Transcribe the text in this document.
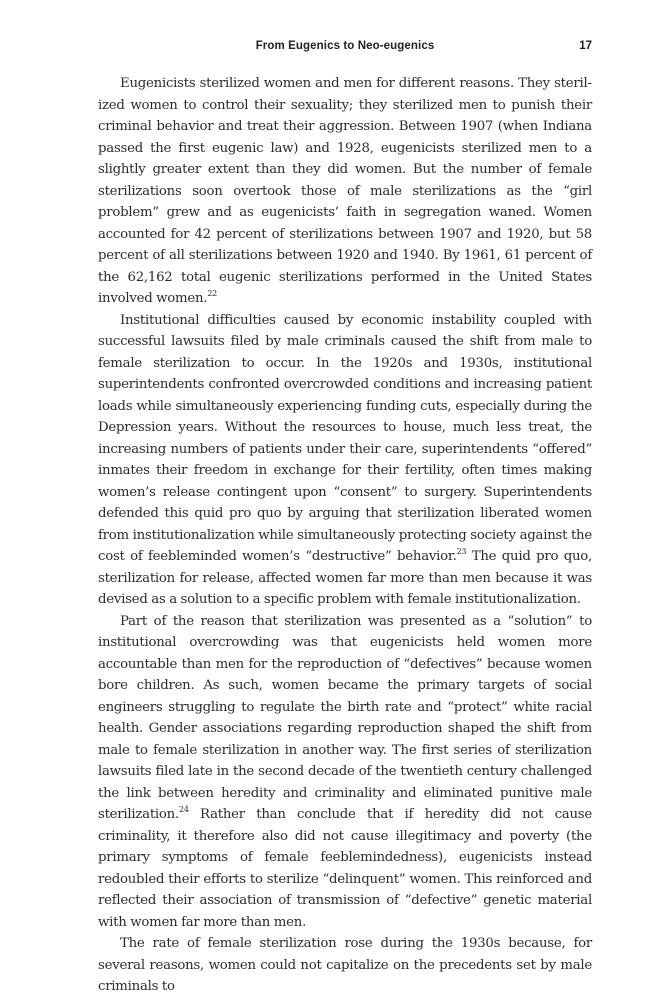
From Eugenics to Neo-eugenics	17

Eugenicists sterilized women and men for different reasons. They sterilized women to control their sexuality; they sterilized men to punish their criminal behavior and treat their aggression. Between 1907 (when Indiana passed the first eugenic law) and 1928, eugenicists sterilized men to a slightly greater extent than they did women. But the number of female sterilizations soon overtook those of male sterilizations as the “girl problem” grew and as eugenicists’ faith in segregation waned. Women accounted for 42 percent of sterilizations between 1907 and 1920, but 58 percent of all sterilizations between 1920 and 1940. By 1961, 61 percent of the 62,162 total eugenic sterilizations performed in the United States involved women.$^{22}$

Institutional difficulties caused by economic instability coupled with successful lawsuits filed by male criminals caused the shift from male to female sterilization to occur. In the 1920s and 1930s, institutional superintendents confronted overcrowded conditions and increasing patient loads while simultaneously experiencing funding cuts, especially during the Depression years. Without the resources to house, much less treat, the increasing numbers of patients under their care, superintendents “offered” inmates their freedom in exchange for their fertility, often times making women’s release contingent upon “consent” to surgery. Superintendents defended this quid pro quo by arguing that sterilization liberated women from institutionalization while simultaneously protecting society against the cost of feebleminded women’s “destructive” behavior.$^{23}$ The quid pro quo, sterilization for release, affected women far more than men because it was devised as a solution to a specific problem with female institutionalization.

Part of the reason that sterilization was presented as a “solution” to institutional overcrowding was that eugenicists held women more accountable than men for the reproduction of “defectives” because women bore children. As such, women became the primary targets of social engineers struggling to regulate the birth rate and “protect” white racial health. Gender associations regarding reproduction shaped the shift from male to female sterilization in another way. The first series of sterilization lawsuits filed late in the second decade of the twentieth century challenged the link between heredity and criminality and eliminated punitive male sterilization.$^{24}$ Rather than conclude that if heredity did not cause criminality, it therefore also did not cause illegitimacy and poverty (the primary symptoms of female feeblemindedness), eugenicists instead redoubled their efforts to sterilize “delinquent” women. This reinforced and reflected their association of transmission of “defective” genetic material with women far more than men.

The rate of female sterilization rose during the 1930s because, for several reasons, women could not capitalize on the precedents set by male criminals to
